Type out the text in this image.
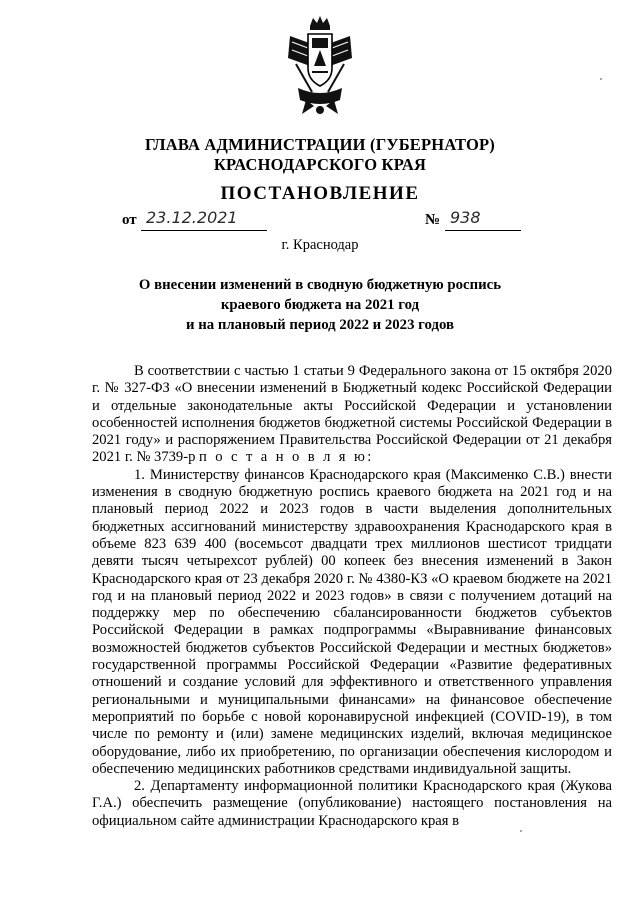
ГЛАВА АДМИНИСТРАЦИИ (ГУБЕРНАТОР)
КРАСНОДАРСКОГО КРАЯ
ПОСТАНОВЛЕНИЕ
от 23.12.2021	№ 938
г. Краснодар
О внесении изменений в сводную бюджетную роспись
краевого бюджета на 2021 год
и на плановый период 2022 и 2023 годов

В соответствии с частью 1 статьи 9 Федерального закона от 15 октября 2020 г. № 327-ФЗ «О внесении изменений в Бюджетный кодекс Российской Федерации и отдельные законодательные акты Российской Федерации и установлении особенностей исполнения бюджетов бюджетной системы Российской Федерации в 2021 году» и распоряжением Правительства Российской Федерации от 21 декабря 2021 г. № 3739-р п о с т а н о в л я ю:

1. Министерству финансов Краснодарского края (Максименко С.В.) внести изменения в сводную бюджетную роспись краевого бюджета на 2021 год и на плановый период 2022 и 2023 годов в части выделения дополнительных бюджетных ассигнований министерству здравоохранения Краснодарского края в объеме 823 639 400 (восемьсот двадцати трех миллионов шестисот тридцати девяти тысяч четырехсот рублей) 00 копеек без внесения изменений в Закон Краснодарского края от 23 декабря 2020 г. № 4380-КЗ «О краевом бюджете на 2021 год и на плановый период 2022 и 2023 годов» в связи с получением дотаций на поддержку мер по обеспечению сбалансированности бюджетов субъектов Российской Федерации в рамках подпрограммы «Выравнивание финансовых возможностей бюджетов субъектов Российской Федерации и местных бюджетов» государственной программы Российской Федерации «Развитие федеративных отношений и создание условий для эффективного и ответственного управления региональными и муниципальными финансами» на финансовое обеспечение мероприятий по борьбе с новой коронавирусной инфекцией (COVID-19), в том числе по ремонту и (или) замене медицинских изделий, включая медицинское оборудование, либо их приобретению, по организации обеспечения кислородом и обеспечению медицинских работников средствами индивидуальной защиты.

2. Департаменту информационной политики Краснодарского края (Жукова Г.А.) обеспечить размещение (опубликование) настоящего постановления на официальном сайте администрации Краснодарского края в
